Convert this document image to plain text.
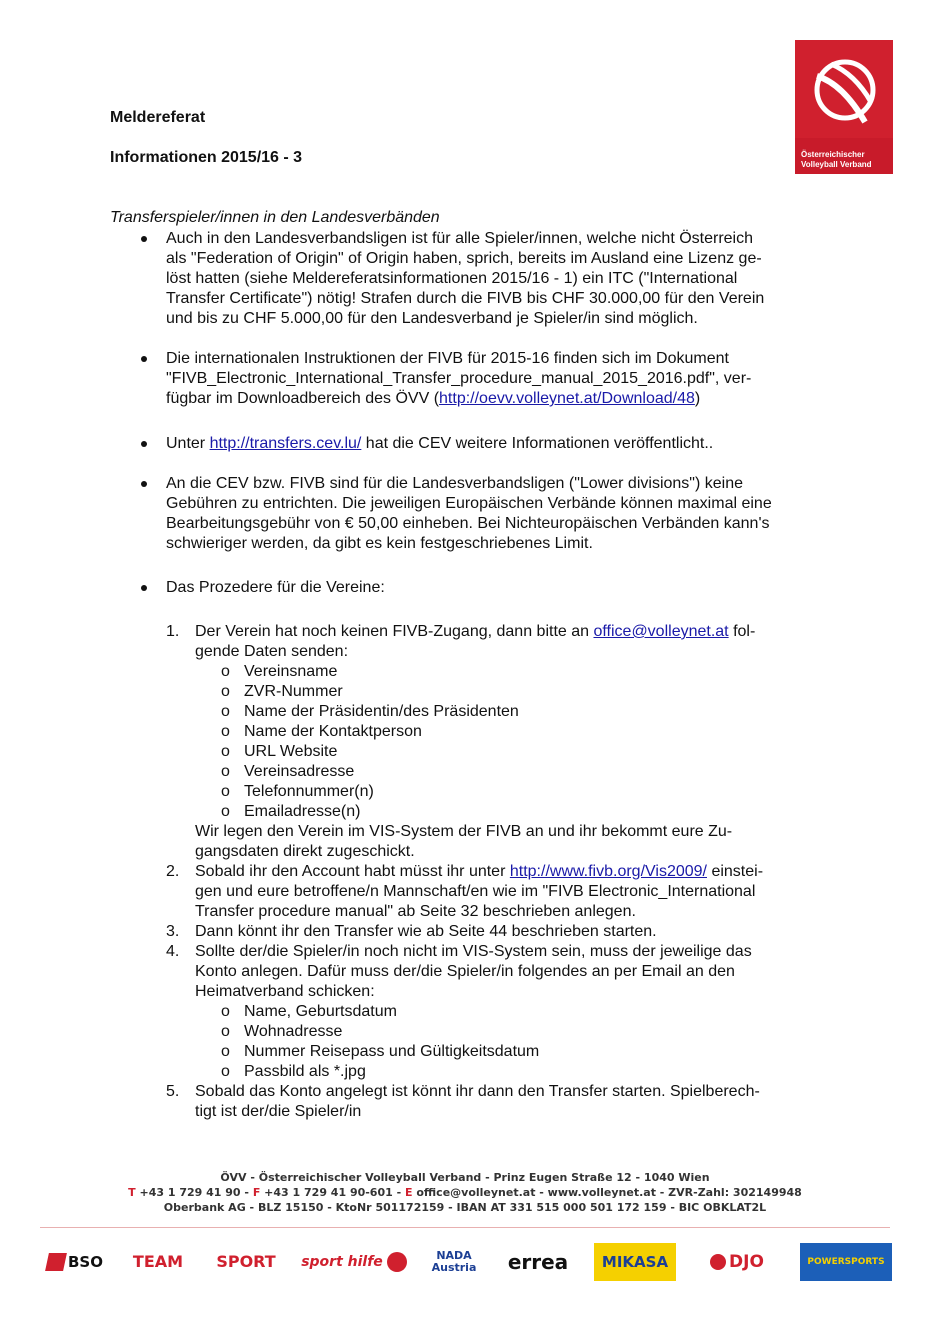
Meldereferat
Informationen 2015/16 - 3	Österreichischer
Volleyball Verband
Transferspieler/innen in den Landesverbänden
Auch in den Landesverbandsligen ist für alle Spieler/innen, welche nicht Österreich
als "Federation of Origin" of Origin haben, sprich, bereits im Ausland eine Lizenz ge-
löst hatten (siehe Meldereferatsinformationen 2015/16 - 1) ein ITC ("International
Transfer Certificate") nötig! Strafen durch die FIVB bis CHF 30.000,00 für den Verein
und bis zu CHF 5.000,00 für den Landesverband je Spieler/in sind möglich.
Die internationalen Instruktionen der FIVB für 2015-16 finden sich im Dokument
"FIVB_Electronic_International_Transfer_procedure_manual_2015_2016.pdf", ver-
fügbar im Downloadbereich des ÖVV (http://oevv.volleynet.at/Download/48)
Unter http://transfers.cev.lu/ hat die CEV weitere Informationen veröffentlicht..
An die CEV bzw. FIVB sind für die Landesverbandsligen ("Lower divisions") keine
Gebühren zu entrichten. Die jeweiligen Europäischen Verbände können maximal eine
Bearbeitungsgebühr von € 50,00 einheben. Bei Nichteuropäischen Verbänden kann's
schwieriger werden, da gibt es kein festgeschriebenes Limit.
Das Prozedere für die Vereine:
1. Der Verein hat noch keinen FIVB-Zugang, dann bitte an office@volleynet.at fol-
gende Daten senden:
o Vereinsname
o ZVR-Nummer
o Name der Präsidentin/des Präsidenten
o Name der Kontaktperson
o URL Website
o Vereinsadresse
o Telefonnummer(n)
o Emailadresse(n)
Wir legen den Verein im VIS-System der FIVB an und ihr bekommt eure Zu-
gangsdaten direkt zugeschickt.
2. Sobald ihr den Account habt müsst ihr unter http://www.fivb.org/Vis2009/ einstei-
gen und eure betroffene/n Mannschaft/en wie im "FIVB Electronic_International
Transfer procedure manual" ab Seite 32 beschrieben anlegen.
3. Dann könnt ihr den Transfer wie ab Seite 44 beschrieben starten.
4. Sollte der/die Spieler/in noch nicht im VIS-System sein, muss der jeweilige das
Konto anlegen. Dafür muss der/die Spieler/in folgendes an per Email an den
Heimatverband schicken:
o Name, Geburtsdatum
o Wohnadresse
o Nummer Reisepass und Gültigkeitsdatum
o Passbild als *.jpg
5. Sobald das Konto angelegt ist könnt ihr dann den Transfer starten. Spielberech-
tigt ist der/die Spieler/in
ÖVV - Österreichischer Volleyball Verband - Prinz Eugen Straße 12 - 1040 Wien
T +43 1 729 41 90 - F +43 1 729 41 90-601 - E office@volleynet.at - www.volleynet.at - ZVR-Zahl: 302149948
Oberbank AG - BLZ 15150 - KtoNr 501172159 - IBAN AT 331 515 000 501 172 159 - BIC OBKLAT2L
BSO TEAM SPORT sport hilfe	NADA Austria	errea MIKASA	DJO	POWERSPORTS
